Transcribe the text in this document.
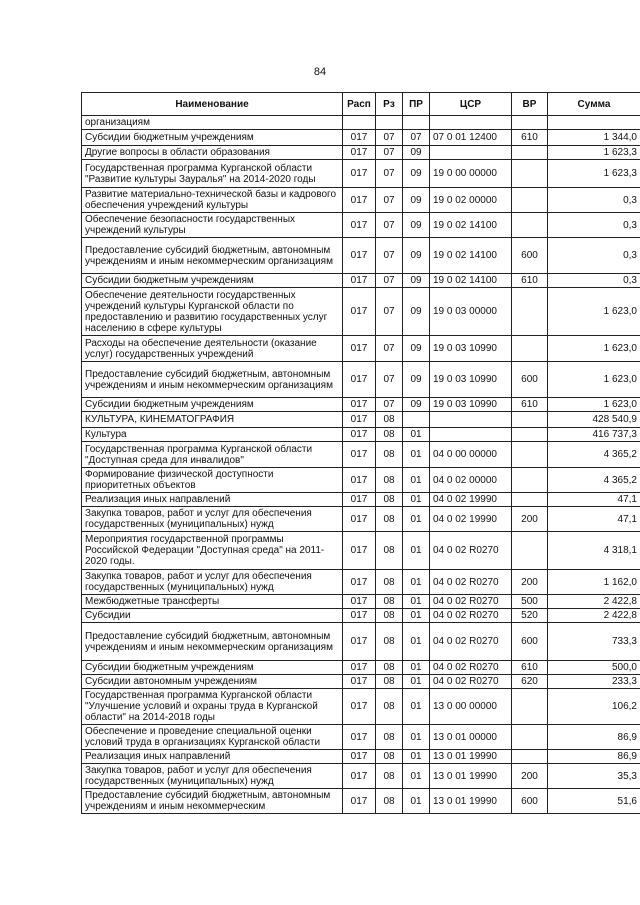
84
Наименование	Расп	Рз	ПР	ЦСР	ВР	Сумма
организациям						
Субсидии бюджетным учреждениям	017	07	07	07 0 01 12400	610	1 344,0
Другие вопросы в области образования	017	07	09			1 623,3
Государственная программа Курганской области "Развитие культуры Зауралья" на 2014-2020 годы	017	07	09	19 0 00 00000		1 623,3
Развитие материально-технической базы и кадрового обеспечения учреждений культуры	017	07	09	19 0 02 00000		0,3
Обеспечение безопасности государственных учреждений культуры	017	07	09	19 0 02 14100		0,3
Предоставление субсидий бюджетным, автономным учреждениям и иным некоммерческим организациям	017	07	09	19 0 02 14100	600	0,3
Субсидии бюджетным учреждениям	017	07	09	19 0 02 14100	610	0,3
Обеспечение деятельности государственных учреждений культуры Курганской области по предоставлению и развитию государственных услуг населению в сфере культуры	017	07	09	19 0 03 00000		1 623,0
Расходы на обеспечение деятельности (оказание услуг) государственных учреждений	017	07	09	19 0 03 10990		1 623,0
Предоставление субсидий бюджетным, автономным учреждениям и иным некоммерческим организациям	017	07	09	19 0 03 10990	600	1 623,0
Субсидии бюджетным учреждениям	017	07	09	19 0 03 10990	610	1 623,0
КУЛЬТУРА, КИНЕМАТОГРАФИЯ	017	08				428 540,9
Культура	017	08	01			416 737,3
Государственная программа Курганской области "Доступная среда для инвалидов"	017	08	01	04 0 00 00000		4 365,2
Формирование физической доступности приоритетных объектов	017	08	01	04 0 02 00000		4 365,2
Реализация иных направлений	017	08	01	04 0 02 19990		47,1
Закупка товаров, работ и услуг для обеспечения государственных (муниципальных) нужд	017	08	01	04 0 02 19990	200	47,1
Мероприятия государственной программы Российской Федерации "Доступная среда" на 2011-2020 годы.	017	08	01	04 0 02 R0270		4 318,1
Закупка товаров, работ и услуг для обеспечения государственных (муниципальных) нужд	017	08	01	04 0 02 R0270	200	1 162,0
Межбюджетные трансферты	017	08	01	04 0 02 R0270	500	2 422,8
Субсидии	017	08	01	04 0 02 R0270	520	2 422,8
Предоставление субсидий бюджетным, автономным учреждениям и иным некоммерческим организациям	017	08	01	04 0 02 R0270	600	733,3
Субсидии бюджетным учреждениям	017	08	01	04 0 02 R0270	610	500,0
Субсидии автономным учреждениям	017	08	01	04 0 02 R0270	620	233,3
Государственная программа Курганской области "Улучшение условий и охраны труда в Курганской области" на 2014-2018 годы	017	08	01	13 0 00 00000		106,2
Обеспечение и проведение специальной оценки условий труда в организациях Курганской области	017	08	01	13 0 01 00000		86,9
Реализация иных направлений	017	08	01	13 0 01 19990		86,9
Закупка товаров, работ и услуг для обеспечения государственных (муниципальных) нужд	017	08	01	13 0 01 19990	200	35,3
Предоставление субсидий бюджетным, автономным учреждениям и иным некоммерческим	017	08	01	13 0 01 19990	600	51,6
